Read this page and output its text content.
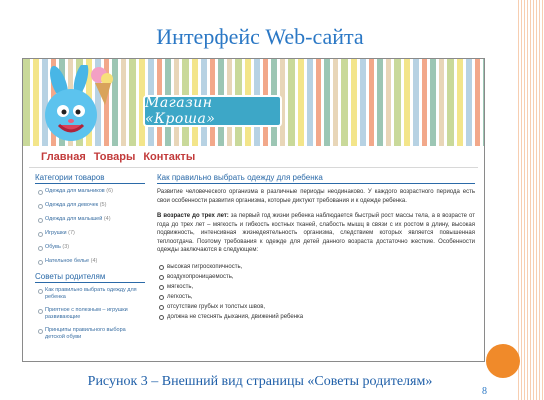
Интерфейс Web-сайта
Магазин «Кроша»
Главная Товары Контакты
Категории товаров
Одежда для мальчиков (6)
Одежда для девочек (5)
Одежда для малышей (4)
Игрушки (7)
Обувь (3)
Нательное белье (4)
Советы родителям
Как правильно выбрать одежду для ребенка
Приятное с полезным – игрушки развивающие
Принципы правильного выбора детской обуви
Как правильно выбрать одежду для ребенка

Развитие человеческого организма в различные периоды неодинаково. У каждого возрастного периода есть свои особенности развития организма, которые диктуют требования и к одежде ребенка.

В возрасте до трех лет: за первый год жизни ребенка наблюдается быстрый рост массы тела, а в возрасте от года до трех лет – мягкость и гибкость костных тканей, слабость мышц в связи с их ростом в длину, высокая подвижность, интенсивная жизнедеятельность организма, следствием которых является повышенная теплоотдача. Поэтому требования к одежде для детей данного возраста достаточно жесткие. Особенности одежды заключаются в следующем:

высокая гигроскопичность,
воздухопроницаемость,
мягкость,
легкость,
отсутствие грубых и толстых швов,
должна не стеснять дыхания, движений ребенка
Рисунок 3 – Внешний вид страницы «Советы родителям»
8
